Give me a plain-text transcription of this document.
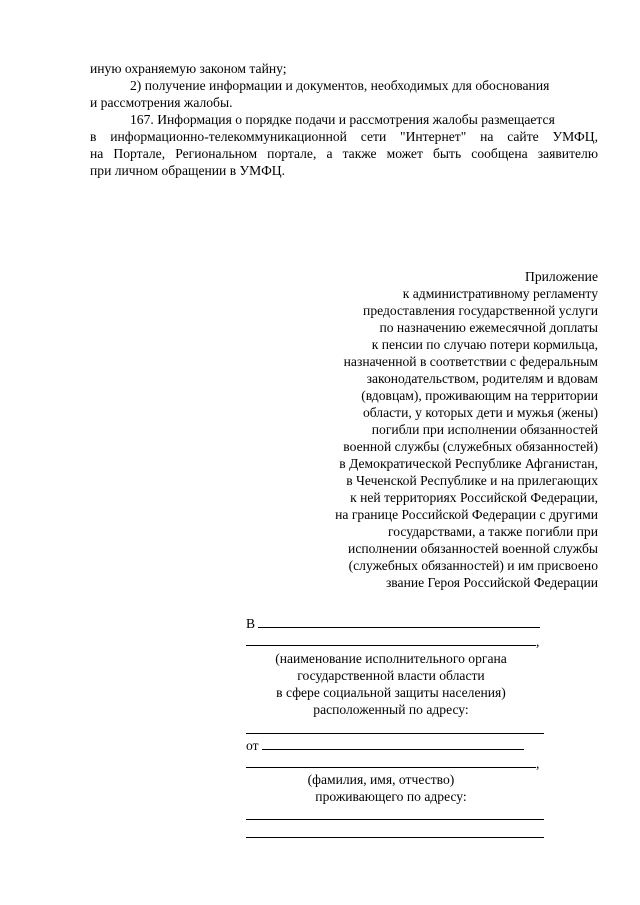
иную охраняемую законом тайну;
2) получение информации и документов, необходимых для обоснования
и рассмотрения жалобы.
167. Информация о порядке подачи и рассмотрения жалобы размещается
в информационно-телекоммуникационной сети "Интернет" на сайте УМФЦ,
на Портале, Региональном портале, а также может быть сообщена заявителю
при личном обращении в УМФЦ.
Приложение
к административному регламенту
предоставления государственной услуги
по назначению ежемесячной доплаты
к пенсии по случаю потери кормильца,
назначенной в соответствии с федеральным
законодательством, родителям и вдовам
(вдовцам), проживающим на территории
области, у которых дети и мужья (жены)
погибли при исполнении обязанностей
военной службы (служебных обязанностей)
в Демократической Республике Афганистан,
в Чеченской Республике и на прилегающих
к ней территориях Российской Федерации,
на границе Российской Федерации с другими
государствами, а также погибли при
исполнении обязанностей военной службы
(служебных обязанностей) и им присвоено
звание Героя Российской Федерации
В
,
(наименование исполнительного органа
государственной власти области
в сфере социальной защиты населения)
расположенный по адресу:
от
,
(фамилия, имя, отчество)
проживающего по адресу:
